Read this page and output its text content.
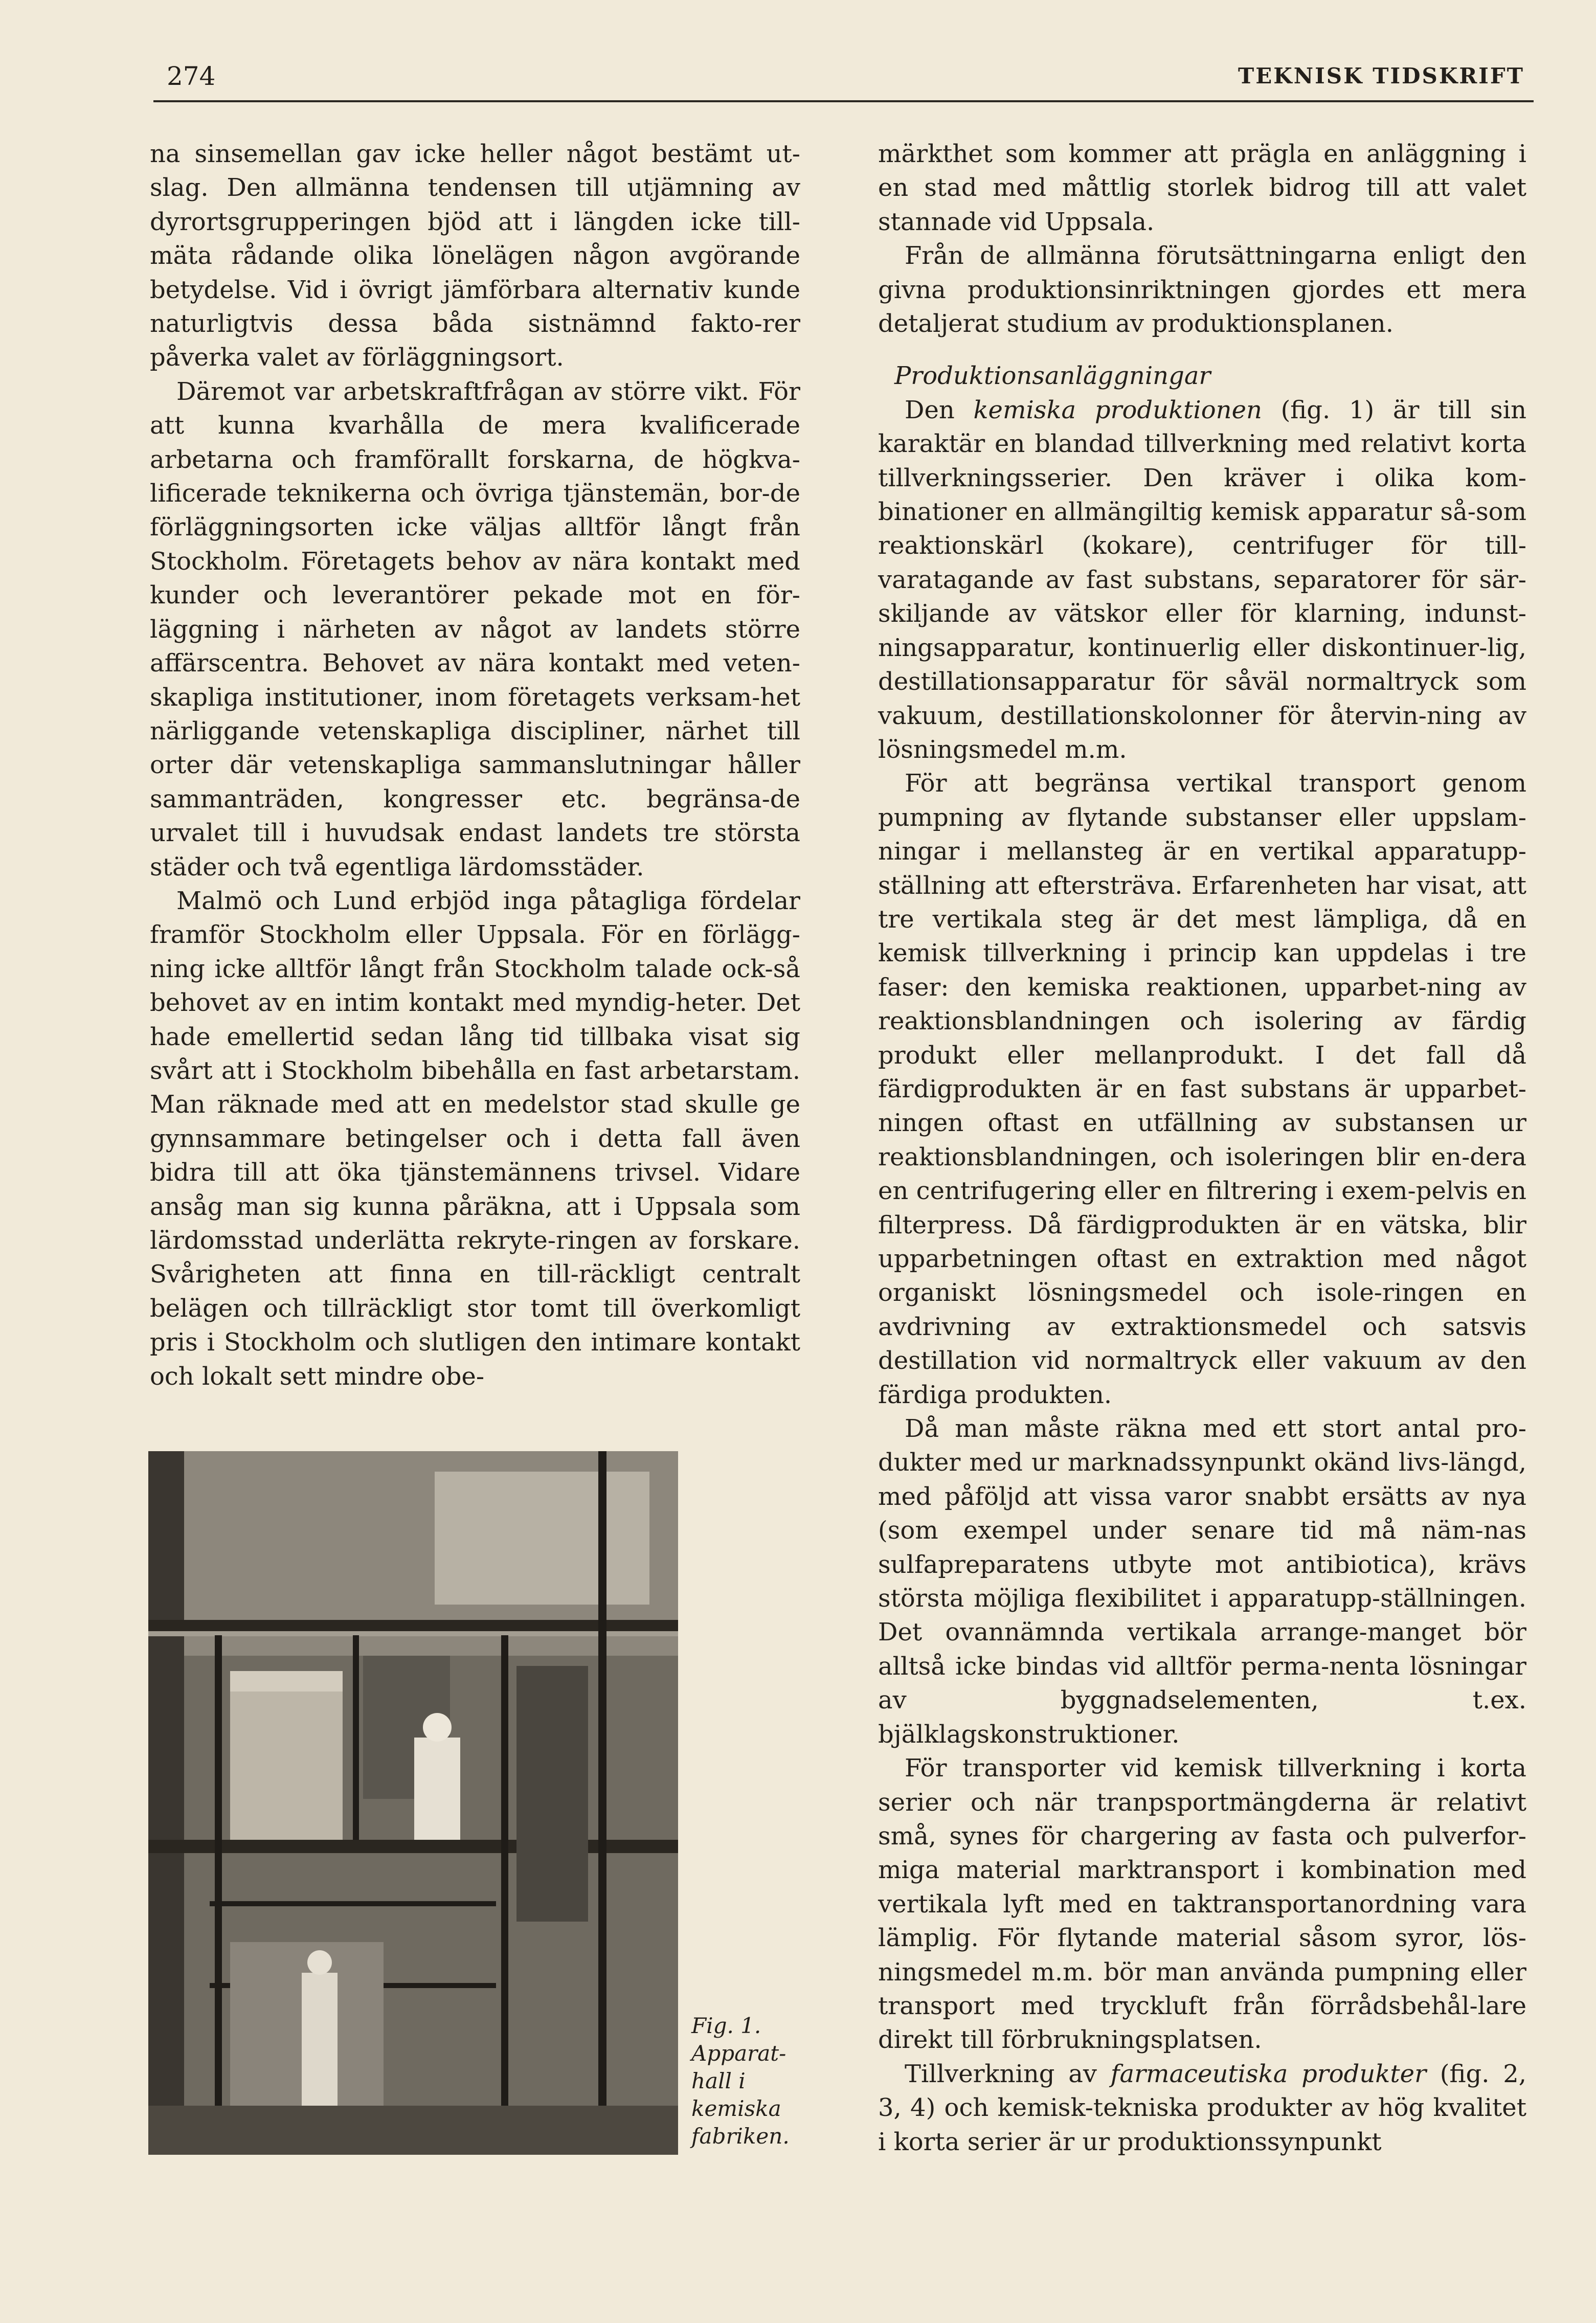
274	TEKNISK TIDSKRIFT

na sinsemellan gav icke heller något bestämt ut-slag. Den allmänna tendensen till utjämning av dyrortsgrupperingen bjöd att i längden icke till-mäta rådande olika lönelägen någon avgörande betydelse. Vid i övrigt jämförbara alternativ kunde naturligtvis dessa båda sistnämnd fakto-rer påverka valet av förläggningsort.

Däremot var arbetskraftfrågan av större vikt. För att kunna kvarhålla de mera kvalificerade arbetarna och framförallt forskarna, de högkva-lificerade teknikerna och övriga tjänstemän, bor-de förläggningsorten icke väljas alltför långt från Stockholm. Företagets behov av nära kontakt med kunder och leverantörer pekade mot en för-läggning i närheten av något av landets större affärscentra. Behovet av nära kontakt med veten-skapliga institutioner, inom företagets verksam-het närliggande vetenskapliga discipliner, närhet till orter där vetenskapliga sammanslutningar håller sammanträden, kongresser etc. begränsa-de urvalet till i huvudsak endast landets tre största städer och två egentliga lärdomsstäder.

Malmö och Lund erbjöd inga påtagliga fördelar framför Stockholm eller Uppsala. För en förlägg-ning icke alltför långt från Stockholm talade ock-så behovet av en intim kontakt med myndig-heter. Det hade emellertid sedan lång tid tillbaka visat sig svårt att i Stockholm bibehålla en fast arbetarstam. Man räknade med att en medelstor stad skulle ge gynnsammare betingelser och i detta fall även bidra till att öka tjänstemännens trivsel. Vidare ansåg man sig kunna påräkna, att i Uppsala som lärdomsstad underlätta rekryte-ringen av forskare. Svårigheten att finna en till-räckligt centralt belägen och tillräckligt stor tomt till överkomligt pris i Stockholm och slutligen den intimare kontakt och lokalt sett mindre obe-

märkthet som kommer att prägla en anläggning i en stad med måttlig storlek bidrog till att valet stannade vid Uppsala.

Från de allmänna förutsättningarna enligt den givna produktionsinriktningen gjordes ett mera detaljerat studium av produktionsplanen.

Produktionsanläggningar

Den kemiska produktionen (fig. 1) är till sin karaktär en blandad tillverkning med relativt korta tillverkningsserier. Den kräver i olika kom-binationer en allmängiltig kemisk apparatur så-som reaktionskärl (kokare), centrifuger för till-varatagande av fast substans, separatorer för sär-skiljande av vätskor eller för klarning, indunst-ningsapparatur, kontinuerlig eller diskontinuer-lig, destillationsapparatur för såväl normaltryck som vakuum, destillationskolonner för återvin-ning av lösningsmedel m.m.

För att begränsa vertikal transport genom pumpning av flytande substanser eller uppslam-ningar i mellansteg är en vertikal apparatupp-ställning att eftersträva. Erfarenheten har visat, att tre vertikala steg är det mest lämpliga, då en kemisk tillverkning i princip kan uppdelas i tre faser: den kemiska reaktionen, upparbet-ning av reaktionsblandningen och isolering av färdig produkt eller mellanprodukt. I det fall då färdigprodukten är en fast substans är upparbet-ningen oftast en utfällning av substansen ur reaktionsblandningen, och isoleringen blir en-dera en centrifugering eller en filtrering i exem-pelvis en filterpress. Då färdigprodukten är en vätska, blir upparbetningen oftast en extraktion med något organiskt lösningsmedel och isole-ringen en avdrivning av extraktionsmedel och satsvis destillation vid normaltryck eller vakuum av den färdiga produkten.

Då man måste räkna med ett stort antal pro-dukter med ur marknadssynpunkt okänd livs-längd, med påföljd att vissa varor snabbt ersätts av nya (som exempel under senare tid må näm-nas sulfapreparatens utbyte mot antibiotica), krävs största möjliga flexibilitet i apparatupp-ställningen. Det ovannämnda vertikala arrange-manget bör alltså icke bindas vid alltför perma-nenta lösningar av byggnadselementen, t.ex. bjälklagskonstruktioner.

För transporter vid kemisk tillverkning i korta serier och när tranpsportmängderna är relativt små, synes för chargering av fasta och pulverfor-miga material marktransport i kombination med vertikala lyft med en taktransportanordning vara lämplig. För flytande material såsom syror, lös-ningsmedel m.m. bör man använda pumpning eller transport med tryckluft från förrådsbehål-lare direkt till förbrukningsplatsen.

Tillverkning av farmaceutiska produkter (fig. 2, 3, 4) och kemisk-tekniska produkter av hög kvalitet i korta serier är ur produktionssynpunkt

Fig. 1.
Apparat-
hall i
kemiska
fabriken.
